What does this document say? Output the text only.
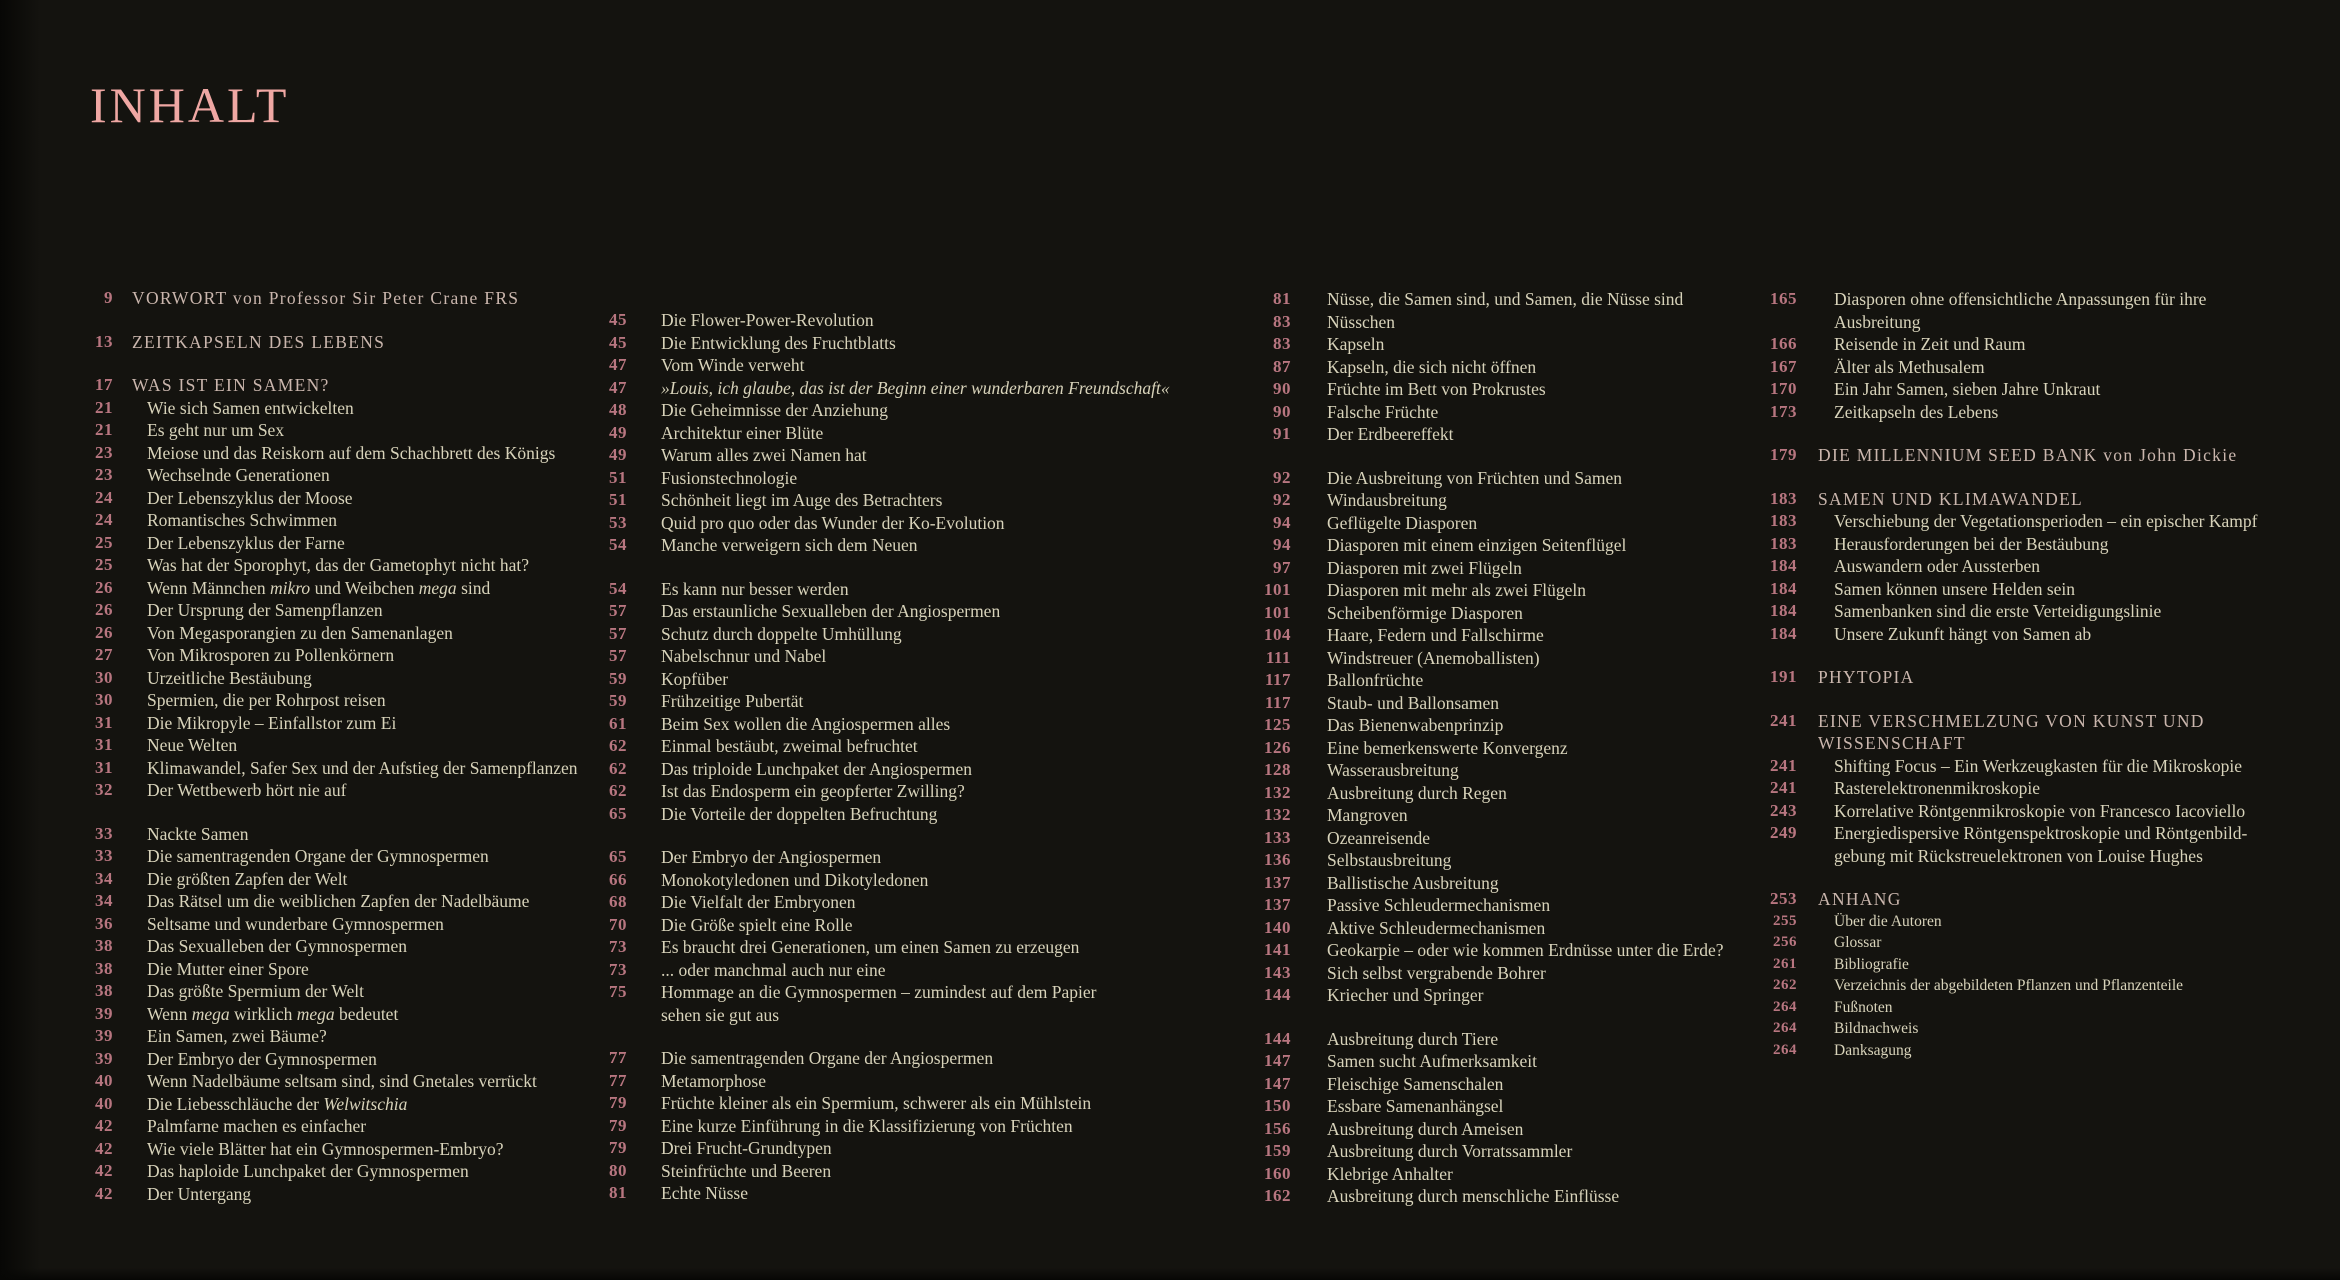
INHALT
9	VORWORT von Professor Sir Peter Crane FRS
13	ZEITKAPSELN DES LEBENS
17	WAS IST EIN SAMEN?
21	Wie sich Samen entwickelten
21	Es geht nur um Sex
23	Meiose und das Reiskorn auf dem Schachbrett des Königs
23	Wechselnde Generationen
24	Der Lebenszyklus der Moose
24	Romantisches Schwimmen
25	Der Lebenszyklus der Farne
25	Was hat der Sporophyt, das der Gametophyt nicht hat?
26	Wenn Männchen mikro und Weibchen mega sind
26	Der Ursprung der Samenpflanzen
26	Von Megasporangien zu den Samenanlagen
27	Von Mikrosporen zu Pollenkörnern
30	Urzeitliche Bestäubung
30	Spermien, die per Rohrpost reisen
31	Die Mikropyle – Einfallstor zum Ei
31	Neue Welten
31	Klimawandel, Safer Sex und der Aufstieg der Samenpflanzen
32	Der Wettbewerb hört nie auf
33	Nackte Samen
33	Die samentragenden Organe der Gymnospermen
34	Die größten Zapfen der Welt
34	Das Rätsel um die weiblichen Zapfen der Nadelbäume
36	Seltsame und wunderbare Gymnospermen
38	Das Sexualleben der Gymnospermen
38	Die Mutter einer Spore
38	Das größte Spermium der Welt
39	Wenn mega wirklich mega bedeutet
39	Ein Samen, zwei Bäume?
39	Der Embryo der Gymnospermen
40	Wenn Nadelbäume seltsam sind, sind Gnetales verrückt
40	Die Liebesschläuche der Welwitschia
42	Palmfarne machen es einfacher
42	Wie viele Blätter hat ein Gymnospermen-Embryo?
42	Das haploide Lunchpaket der Gymnospermen
42	Der Untergang
45	Die Flower-Power-Revolution
45	Die Entwicklung des Fruchtblatts
47	Vom Winde verweht
47	»Louis, ich glaube, das ist der Beginn einer wunderbaren Freundschaft«
48	Die Geheimnisse der Anziehung
49	Architektur einer Blüte
49	Warum alles zwei Namen hat
51	Fusionstechnologie
51	Schönheit liegt im Auge des Betrachters
53	Quid pro quo oder das Wunder der Ko-Evolution
54	Manche verweigern sich dem Neuen
54	Es kann nur besser werden
57	Das erstaunliche Sexualleben der Angiospermen
57	Schutz durch doppelte Umhüllung
57	Nabelschnur und Nabel
59	Kopfüber
59	Frühzeitige Pubertät
61	Beim Sex wollen die Angiospermen alles
62	Einmal bestäubt, zweimal befruchtet
62	Das triploide Lunchpaket der Angiospermen
62	Ist das Endosperm ein geopferter Zwilling?
65	Die Vorteile der doppelten Befruchtung
65	Der Embryo der Angiospermen
66	Monokotyledonen und Dikotyledonen
68	Die Vielfalt der Embryonen
70	Die Größe spielt eine Rolle
73	Es braucht drei Generationen, um einen Samen zu erzeugen
73	... oder manchmal auch nur eine
75	Hommage an die Gymnospermen – zumindest auf dem Papier
sehen sie gut aus
77	Die samentragenden Organe der Angiospermen
77	Metamorphose
79	Früchte kleiner als ein Spermium, schwerer als ein Mühlstein
79	Eine kurze Einführung in die Klassifizierung von Früchten
79	Drei Frucht-Grundtypen
80	Steinfrüchte und Beeren
81	Echte Nüsse
81	Nüsse, die Samen sind, und Samen, die Nüsse sind
83	Nüsschen
83	Kapseln
87	Kapseln, die sich nicht öffnen
90	Früchte im Bett von Prokrustes
90	Falsche Früchte
91	Der Erdbeereffekt
92	Die Ausbreitung von Früchten und Samen
92	Windausbreitung
94	Geflügelte Diasporen
94	Diasporen mit einem einzigen Seitenflügel
97	Diasporen mit zwei Flügeln
101	Diasporen mit mehr als zwei Flügeln
101	Scheibenförmige Diasporen
104	Haare, Federn und Fallschirme
111	Windstreuer (Anemoballisten)
117	Ballonfrüchte
117	Staub- und Ballonsamen
125	Das Bienenwabenprinzip
126	Eine bemerkenswerte Konvergenz
128	Wasserausbreitung
132	Ausbreitung durch Regen
132	Mangroven
133	Ozeanreisende
136	Selbstausbreitung
137	Ballistische Ausbreitung
137	Passive Schleudermechanismen
140	Aktive Schleudermechanismen
141	Geokarpie – oder wie kommen Erdnüsse unter die Erde?
143	Sich selbst vergrabende Bohrer
144	Kriecher und Springer
144	Ausbreitung durch Tiere
147	Samen sucht Aufmerksamkeit
147	Fleischige Samenschalen
150	Essbare Samenanhängsel
156	Ausbreitung durch Ameisen
159	Ausbreitung durch Vorratssammler
160	Klebrige Anhalter
162	Ausbreitung durch menschliche Einflüsse
165	Diasporen ohne offensichtliche Anpassungen für ihre
Ausbreitung
166	Reisende in Zeit und Raum
167	Älter als Methusalem
170	Ein Jahr Samen, sieben Jahre Unkraut
173	Zeitkapseln des Lebens
179	DIE MILLENNIUM SEED BANK von John Dickie
183	SAMEN UND KLIMAWANDEL
183	Verschiebung der Vegetationsperioden – ein epischer Kampf
183	Herausforderungen bei der Bestäubung
184	Auswandern oder Aussterben
184	Samen können unsere Helden sein
184	Samenbanken sind die erste Verteidigungslinie
184	Unsere Zukunft hängt von Samen ab
191	PHYTOPIA
241	EINE VERSCHMELZUNG VON KUNST UND
WISSENSCHAFT
241	Shifting Focus – Ein Werkzeugkasten für die Mikroskopie
241	Rasterelektronenmikroskopie
243	Korrelative Röntgenmikroskopie von Francesco Iacoviello
249	Energiedispersive Röntgenspektroskopie und Röntgenbild-
gebung mit Rückstreuelektronen von Louise Hughes
253	ANHANG
255	Über die Autoren
256	Glossar
261	Bibliografie
262	Verzeichnis der abgebildeten Pflanzen und Pflanzenteile
264	Fußnoten
264	Bildnachweis
264	Danksagung
